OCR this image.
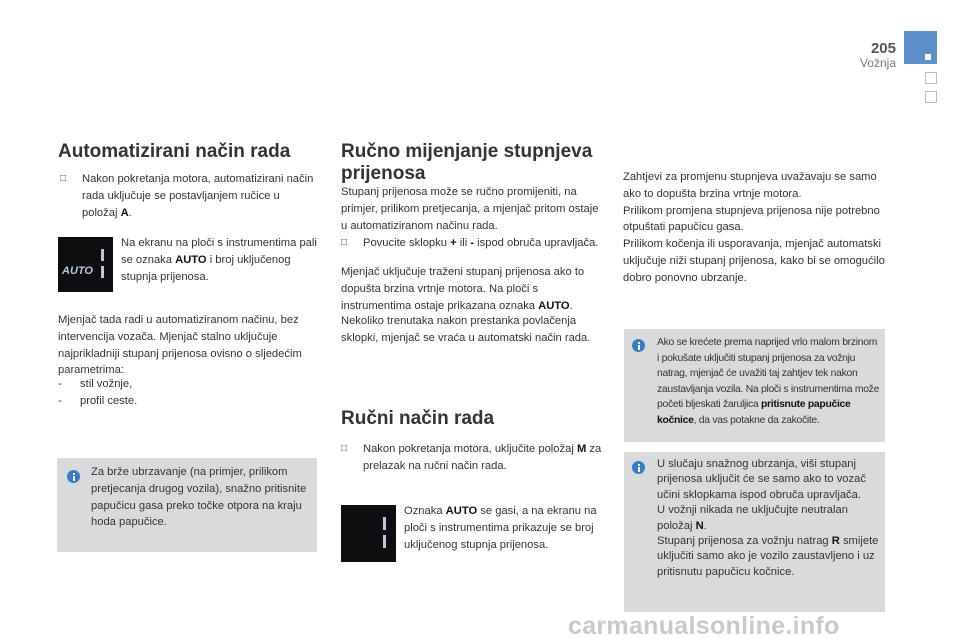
205
Vožnja
Automatizirani način rada
□	Nakon pokretanja motora, automatizirani način rada uključuje se postavljanjem ručice u položaj A.
AUTO
Na ekranu na ploči s instrumentima pali se oznaka AUTO i broj uključenog stupnja prijenosa.
Mjenjač tada radi u automatiziranom načinu, bez intervencija vozača. Mjenjač stalno uključuje najprikladniji stupanj prijenosa ovisno o sljedećim parametrima:
- stil vožnje,
- profil ceste.
Za brže ubrzavanje (na primjer, prilikom pretjecanja drugog vozila), snažno pritisnite papučicu gasa preko točke otpora na kraju hoda papučice.
Ručno mijenjanje stupnjeva prijenosa
Stupanj prijenosa može se ručno promijeniti, na primjer, prilikom pretjecanja, a mjenjač pritom ostaje u automatiziranom načinu rada.
□	Povucite sklopku + ili - ispod obruča upravljača.
Mjenjač uključuje traženi stupanj prijenosa ako to dopušta brzina vrtnje motora. Na ploči s instrumentima ostaje prikazana oznaka AUTO.
Nekoliko trenutaka nakon prestanka povlačenja sklopki, mjenjač se vraća u automatski način rada.
Ručni način rada
□	Nakon pokretanja motora, uključite položaj M za prelazak na ručni način rada.
Oznaka AUTO se gasi, a na ekranu na ploči s instrumentima prikazuje se broj uključenog stupnja prijenosa.
Zahtjevi za promjenu stupnjeva uvažavaju se samo ako to dopušta brzina vrtnje motora.
Prilikom promjena stupnjeva prijenosa nije potrebno otpuštati papučicu gasa.
Prilikom kočenja ili usporavanja, mjenjač automatski uključuje niži stupanj prijenosa, kako bi se omogućilo dobro ponovno ubrzanje.
Ako se krećete prema naprijed vrlo malom brzinom i pokušate uključiti stupanj prijenosa za vožnju natrag, mjenjač će uvažiti taj zahtjev tek nakon zaustavljanja vozila. Na ploči s instrumentima može početi bljeskati žaruljica pritisnute papučice kočnice, da vas potakne da zakočite.
U slučaju snažnog ubrzanja, viši stupanj prijenosa uključit će se samo ako to vozač učini sklopkama ispod obruča upravljača.
U vožnji nikada ne uključujte neutralan položaj N.
Stupanj prijenosa za vožnju natrag R smijete uključiti samo ako je vozilo zaustavljeno i uz pritisnutu papučicu kočnice.
carmanualsonline.info
